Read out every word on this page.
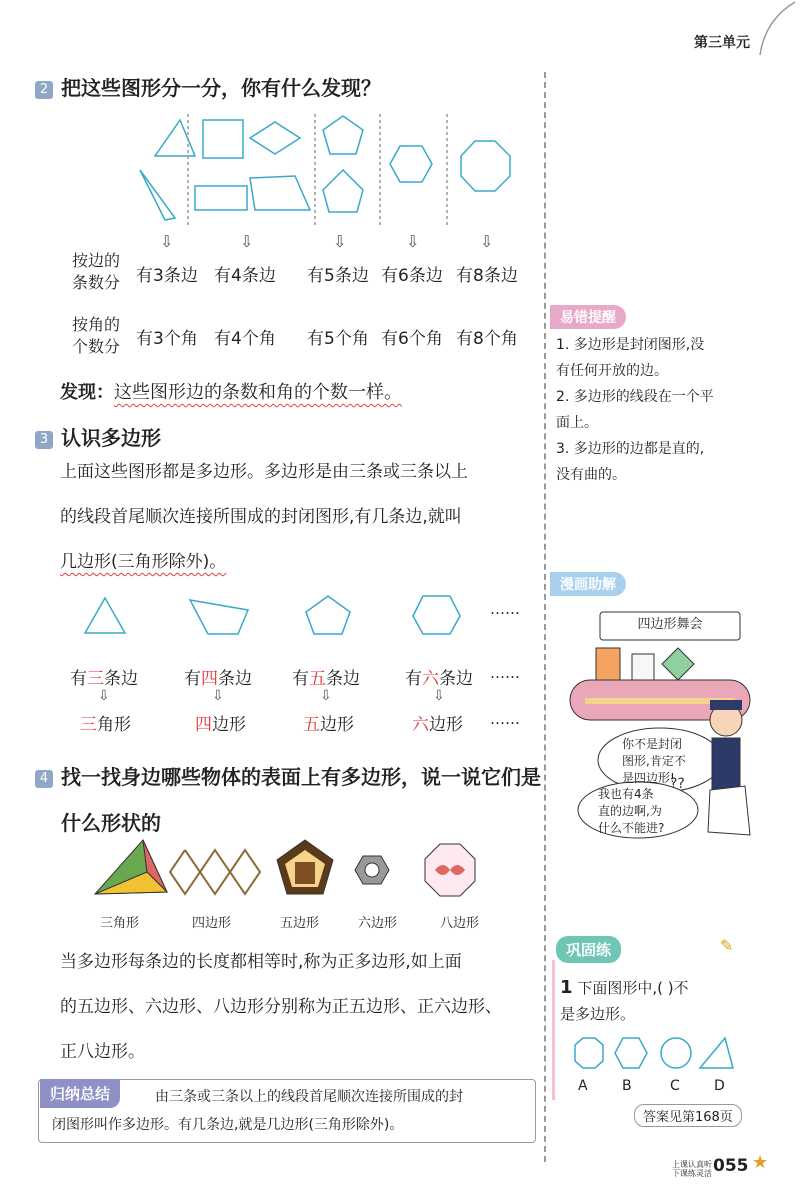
第三单元
2 把这些图形分一分，你有什么发现？
⇩	⇩	⇩	⇩	⇩
按边的
条数分 有3条边 有4条边 有5条边 有6条边 有8条边
按角的
个数分 有3个角 有4个角 有5个角 有6个角 有8个角
发现：这些图形边的条数和角的个数一样。
3 认识多边形
上面这些图形都是多边形。多边形是由三条或三条以上
的线段首尾顺次连接所围成的封闭图形,有几条边,就叫
几边形(三角形除外)。
……
有三条边	有四条边 有五条边	有六条边 ……
⇩	⇩	⇩	⇩
三角形	四边形	五边形	六边形 ……
4 找一找身边哪些物体的表面上有多边形，说一说它们是
什么形状的
三角形	四边形	五边形	六边形	八边形
当多边形每条边的长度都相等时,称为正多边形,如上面
的五边形、六边形、八边形分别称为正五边形、正六边形、
正八边形。
归纳总结	由三条或三条以上的线段首尾顺次连接所围成的封
闭图形叫作多边形。有几条边,就是几边形(三角形除外)。
易错提醒
1. 多边形是封闭图形,没
有任何开放的边。
2. 多边形的线段在一个平
面上。
3. 多边形的边都是直的,
没有曲的。
漫画助解
??
四边形舞会
你不是封闭
图形,肯定不
是四边形!
我也有4条
直的边啊,为
什么不能进?
巩固练	✎
1 下面图形中,( )不
是多边形。
A B	C D
答案见第168页
上课认真听
下课练灵活 055 ★
